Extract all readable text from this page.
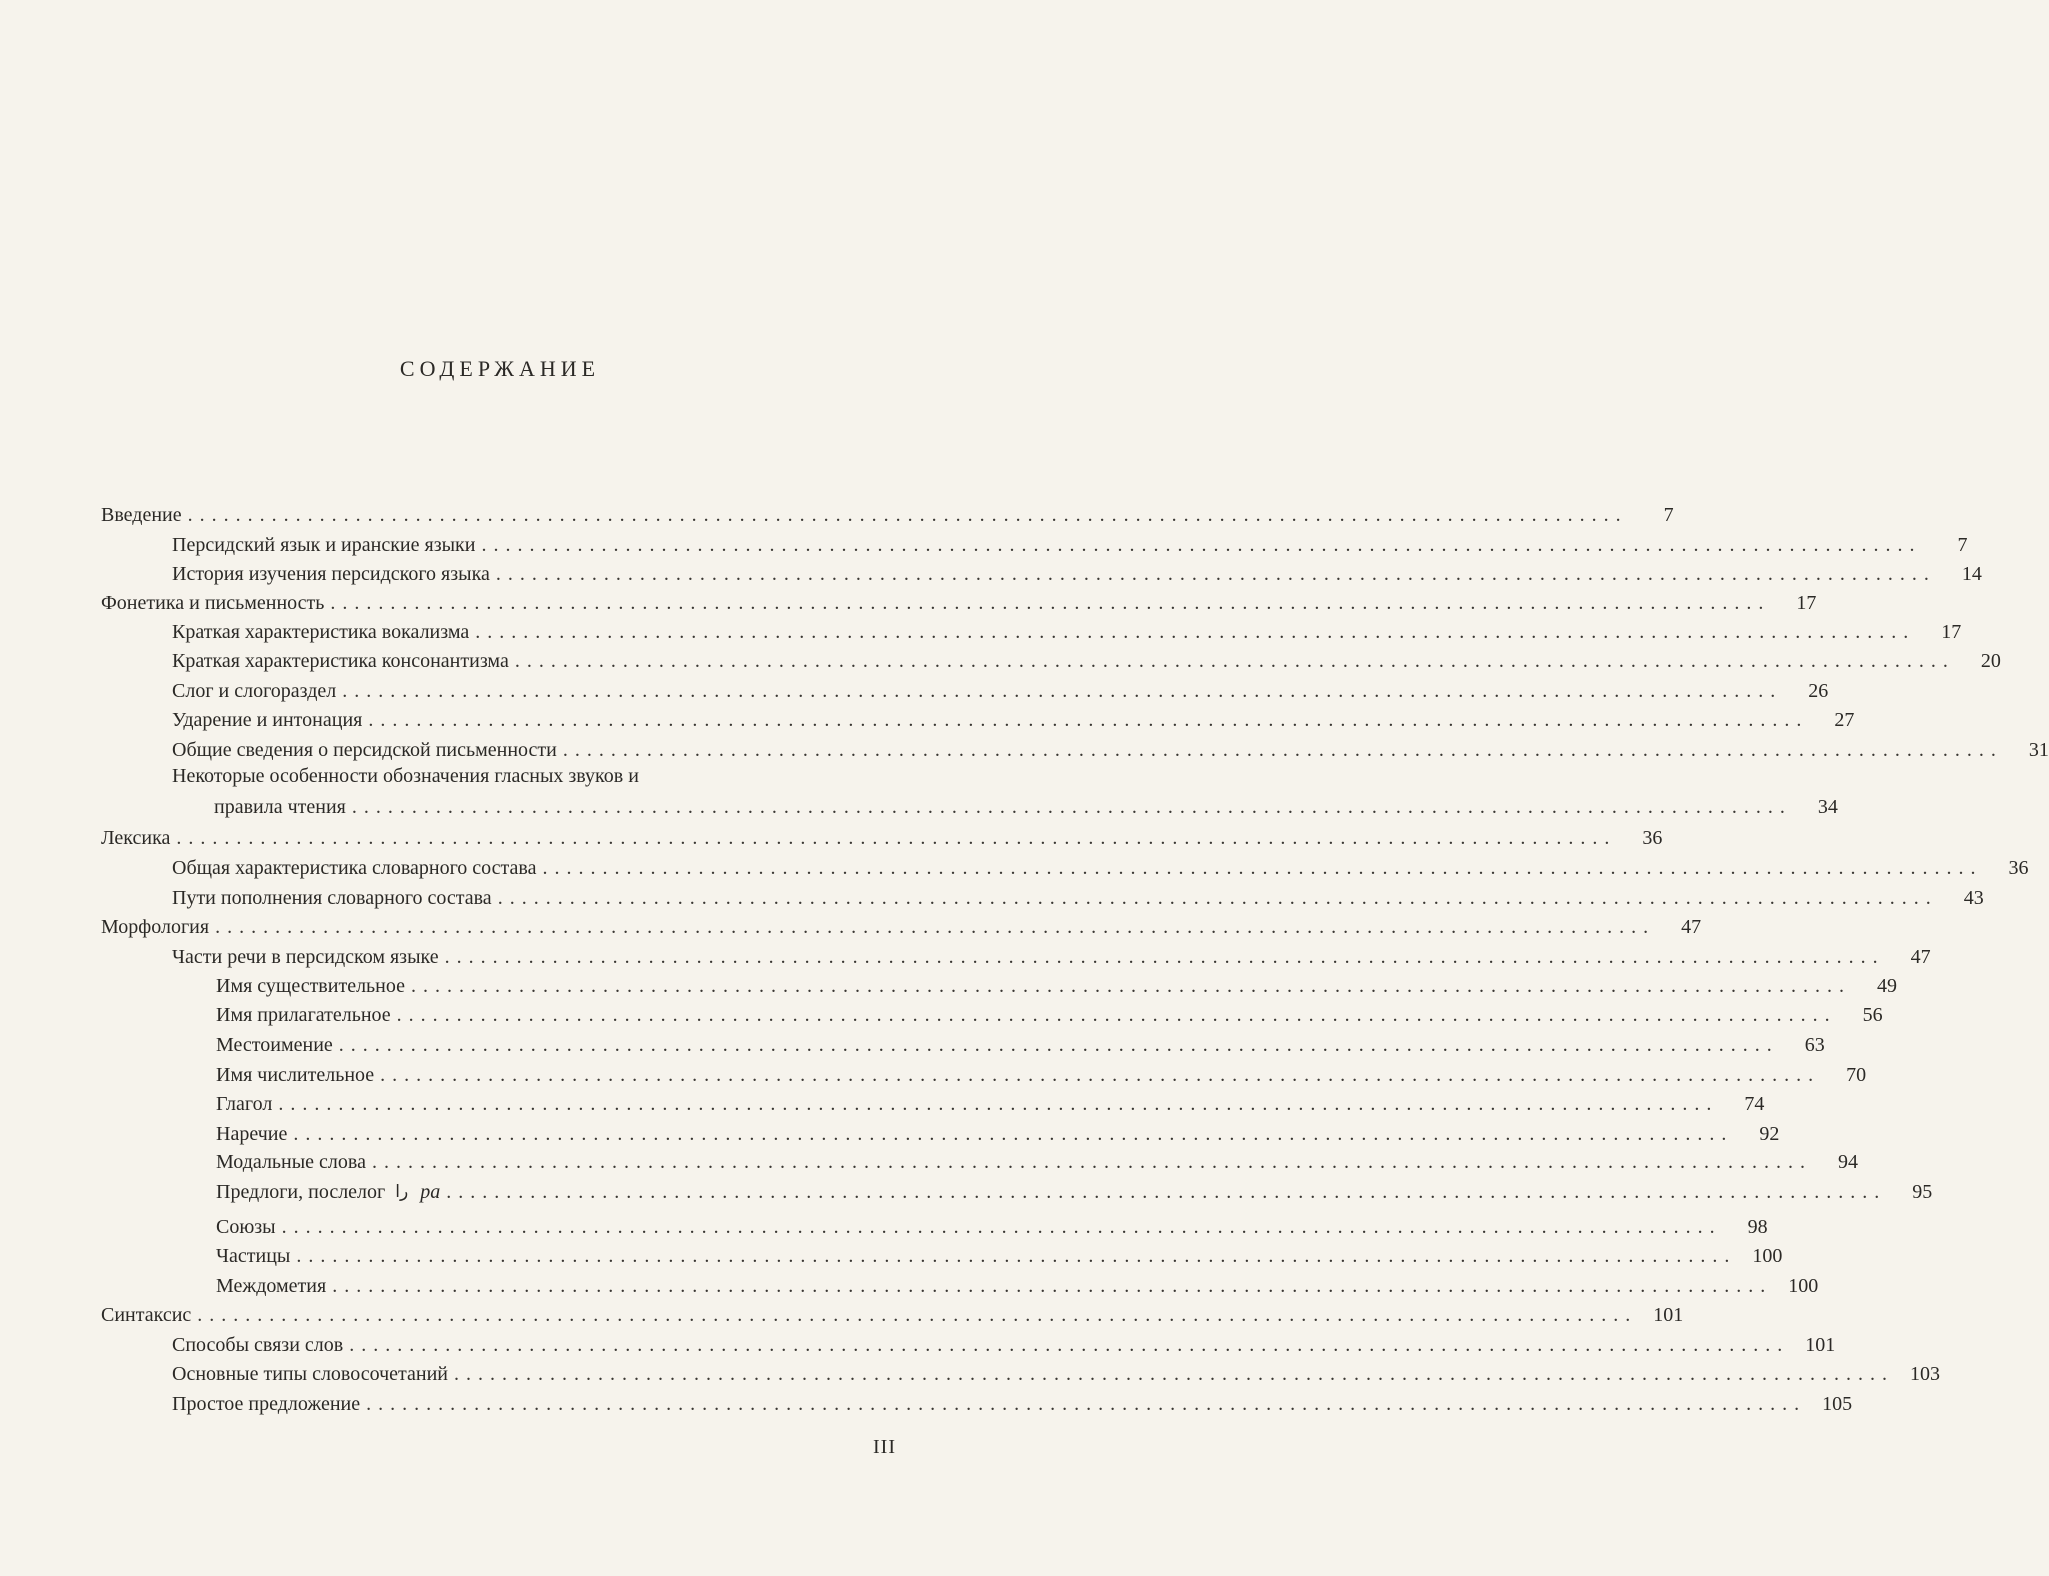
СОДЕРЖАНИЕ
Введение ........................................................................................................................	7
Персидский язык и иранские языки ........................................................................................................................	7
История изучения персидского языка ........................................................................................................................	14
Фонетика и письменность ........................................................................................................................	17
Краткая характеристика вокализма ........................................................................................................................	17
Краткая характеристика консонантизма ........................................................................................................................	20
Слог и слогораздел ........................................................................................................................	26
Ударение и интонация ........................................................................................................................	27
Общие сведения о персидской письменности ........................................................................................................................	31
Некоторые особенности обозначения гласных звуков и
правила чтения ........................................................................................................................	34
Лексика ........................................................................................................................	36
Общая характеристика словарного состава ........................................................................................................................	36
Пути пополнения словарного состава ........................................................................................................................	43
Морфология ........................................................................................................................	47
Части речи в персидском языке ........................................................................................................................	47
Имя существительное ........................................................................................................................	49
Имя прилагательное ........................................................................................................................	56
Местоимение ........................................................................................................................	63
Имя числительное ........................................................................................................................	70
Глагол ........................................................................................................................	74
Наречие ........................................................................................................................	92
Модальные слова ........................................................................................................................	94
Предлоги, послелог را ра ........................................................................................................................	95
Союзы ........................................................................................................................	98
Частицы ........................................................................................................................ 100
Междометия ........................................................................................................................ 100
Синтаксис ........................................................................................................................ 101
Способы связи слов ........................................................................................................................ 101
Основные типы словосочетаний ........................................................................................................................ 103
Простое предложение ........................................................................................................................ 105
III
